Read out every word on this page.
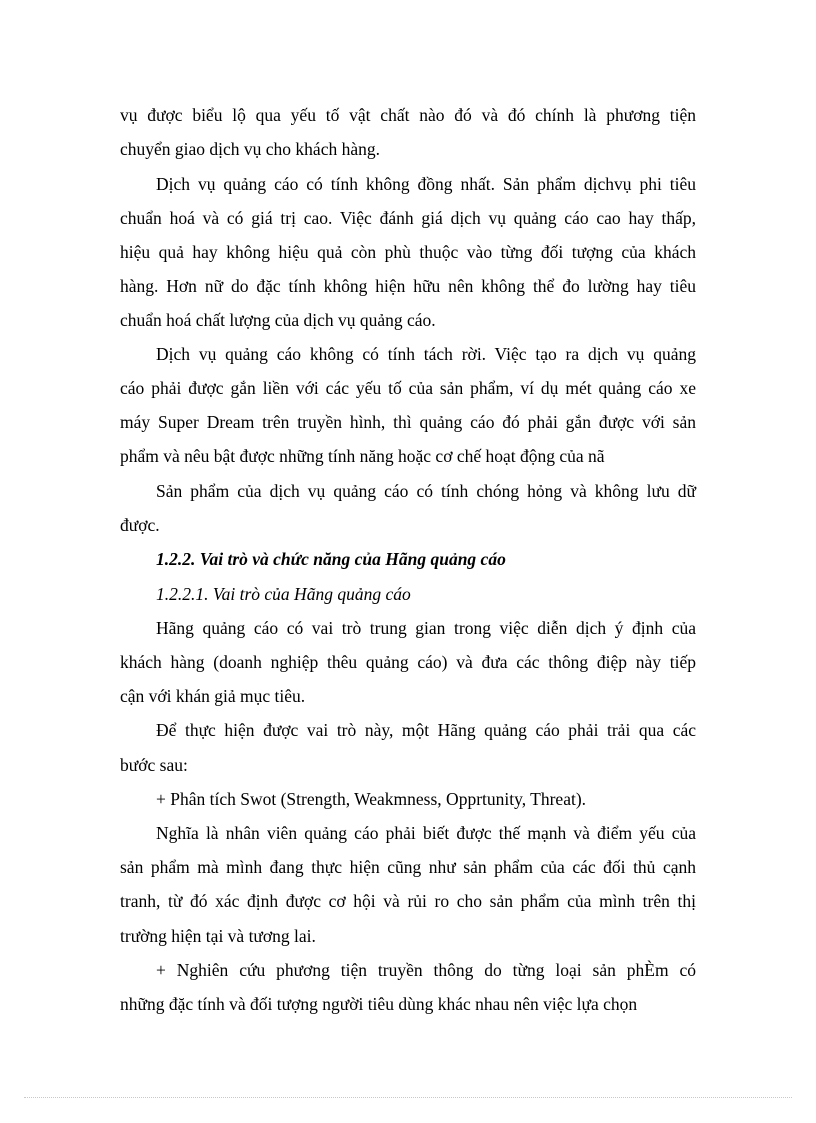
vụ được biểu lộ qua yếu tố vật chất nào đó và đó chính là phương tiện
chuyển giao dịch vụ cho khách hàng.
Dịch vụ quảng cáo có tính không đồng nhất. Sản phẩm dịchvụ phi tiêu
chuẩn hoá và có giá trị cao. Việc đánh giá dịch vụ quảng cáo cao hay thấp,
hiệu quả hay không hiệu quả còn phù thuộc vào từng đối tượng của khách
hàng. Hơn nữ do đặc tính không hiện hữu nên không thể đo lường hay tiêu
chuẩn hoá chất lượng của dịch vụ quảng cáo.
Dịch vụ quảng cáo không có tính tách rời. Việc tạo ra dịch vụ quảng
cáo phải được gắn liền với các yếu tố của sản phẩm, ví dụ mét quảng cáo xe
máy Super Dream trên truyền hình, thì quảng cáo đó phải gắn được với sản
phẩm và nêu bật được những tính năng hoặc cơ chế hoạt động của nã
Sản phẩm của dịch vụ quảng cáo có tính chóng hỏng và không lưu dữ
được.
1.2.2. Vai trò và chức năng của Hãng quảng cáo
1.2.2.1. Vai trò của Hãng quảng cáo
Hãng quảng cáo có vai trò trung gian trong việc diễn dịch ý định của
khách hàng (doanh nghiệp thêu quảng cáo) và đưa các thông điệp này tiếp
cận với khán giả mục tiêu.
Để thực hiện được vai trò này, một Hãng quảng cáo phải trải qua các
bước sau:
+ Phân tích Swot (Strength, Weakmness, Opprtunity, Threat).
Nghĩa là nhân viên quảng cáo phải biết được thế mạnh và điểm yếu của
sản phẩm mà mình đang thực hiện cũng như sản phẩm của các đối thủ cạnh
tranh, từ đó xác định được cơ hội và rủi ro cho sản phẩm của mình trên thị
trường hiện tại và tương lai.
+ Nghiên cứu phương tiện truyền thông do từng loại sản phÈm có
những đặc tính và đối tượng người tiêu dùng khác nhau nên việc lựa chọn
